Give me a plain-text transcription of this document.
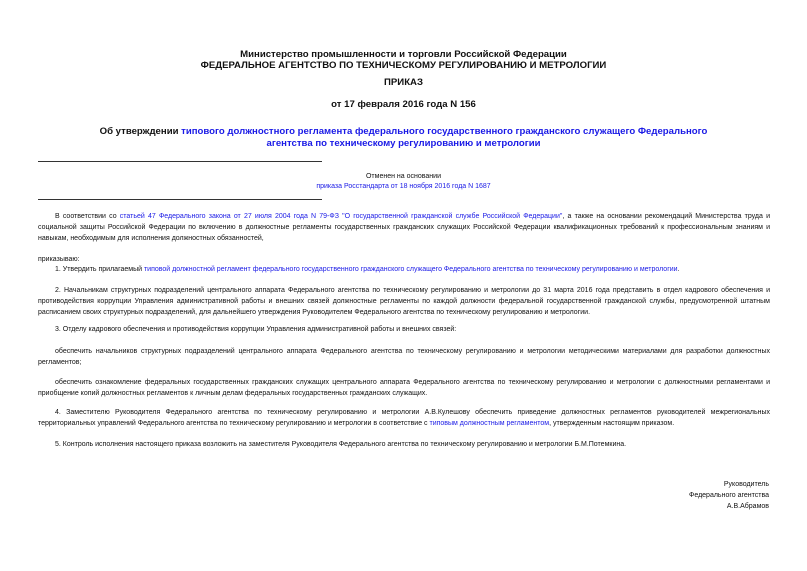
Министерство промышленности и торговли Российской Федерации
ФЕДЕРАЛЬНОЕ АГЕНТСТВО ПО ТЕХНИЧЕСКОМУ РЕГУЛИРОВАНИЮ И МЕТРОЛОГИИ
ПРИКАЗ
от 17 февраля 2016 года N 156
Об утверждении типового должностного регламента федерального государственного гражданского служащего Федерального агентства по техническому регулированию и метрологии
Отменен на основании
приказа Росстандарта от 18 ноября 2016 года N 1687
В соответствии со статьей 47 Федерального закона от 27 июля 2004 года N 79-ФЗ "О государственной гражданской службе Российской Федерации", а также на основании рекомендаций Министерства труда и социальной защиты Российской Федерации по включению в должностные регламенты государственных гражданских служащих Российской Федерации квалификационных требований к профессиональным знаниям и навыкам, необходимым для исполнения должностных обязанностей,
приказываю:
1. Утвердить прилагаемый типовой должностной регламент федерального государственного гражданского служащего Федерального агентства по техническому регулированию и метрологии.
2. Начальникам структурных подразделений центрального аппарата Федерального агентства по техническому регулированию и метрологии до 31 марта 2016 года представить в отдел кадрового обеспечения и противодействия коррупции Управления административной работы и внешних связей должностные регламенты по каждой должности федеральной государственной гражданской службы, предусмотренной штатным расписанием своих структурных подразделений, для дальнейшего утверждения Руководителем Федерального агентства по техническому регулированию и метрологии.
3. Отделу кадрового обеспечения и противодействия коррупции Управления административной работы и внешних связей:
обеспечить начальников структурных подразделений центрального аппарата Федерального агентства по техническому регулированию и метрологии методическими материалами для разработки должностных регламентов;
обеспечить ознакомление федеральных государственных гражданских служащих центрального аппарата Федерального агентства по техническому регулированию и метрологии с должностными регламентами и приобщение копий должностных регламентов к личным делам федеральных государственных гражданских служащих.
4. Заместителю Руководителя Федерального агентства по техническому регулированию и метрологии А.В.Кулешову обеспечить приведение должностных регламентов руководителей межрегиональных территориальных управлений Федерального агентства по техническому регулированию и метрологии в соответствие с типовым должностным регламентом, утвержденным настоящим приказом.
5. Контроль исполнения настоящего приказа возложить на заместителя Руководителя Федерального агентства по техническому регулированию и метрологии Б.М.Потемкина.
Руководитель
Федерального агентства
А.В.Абрамов
